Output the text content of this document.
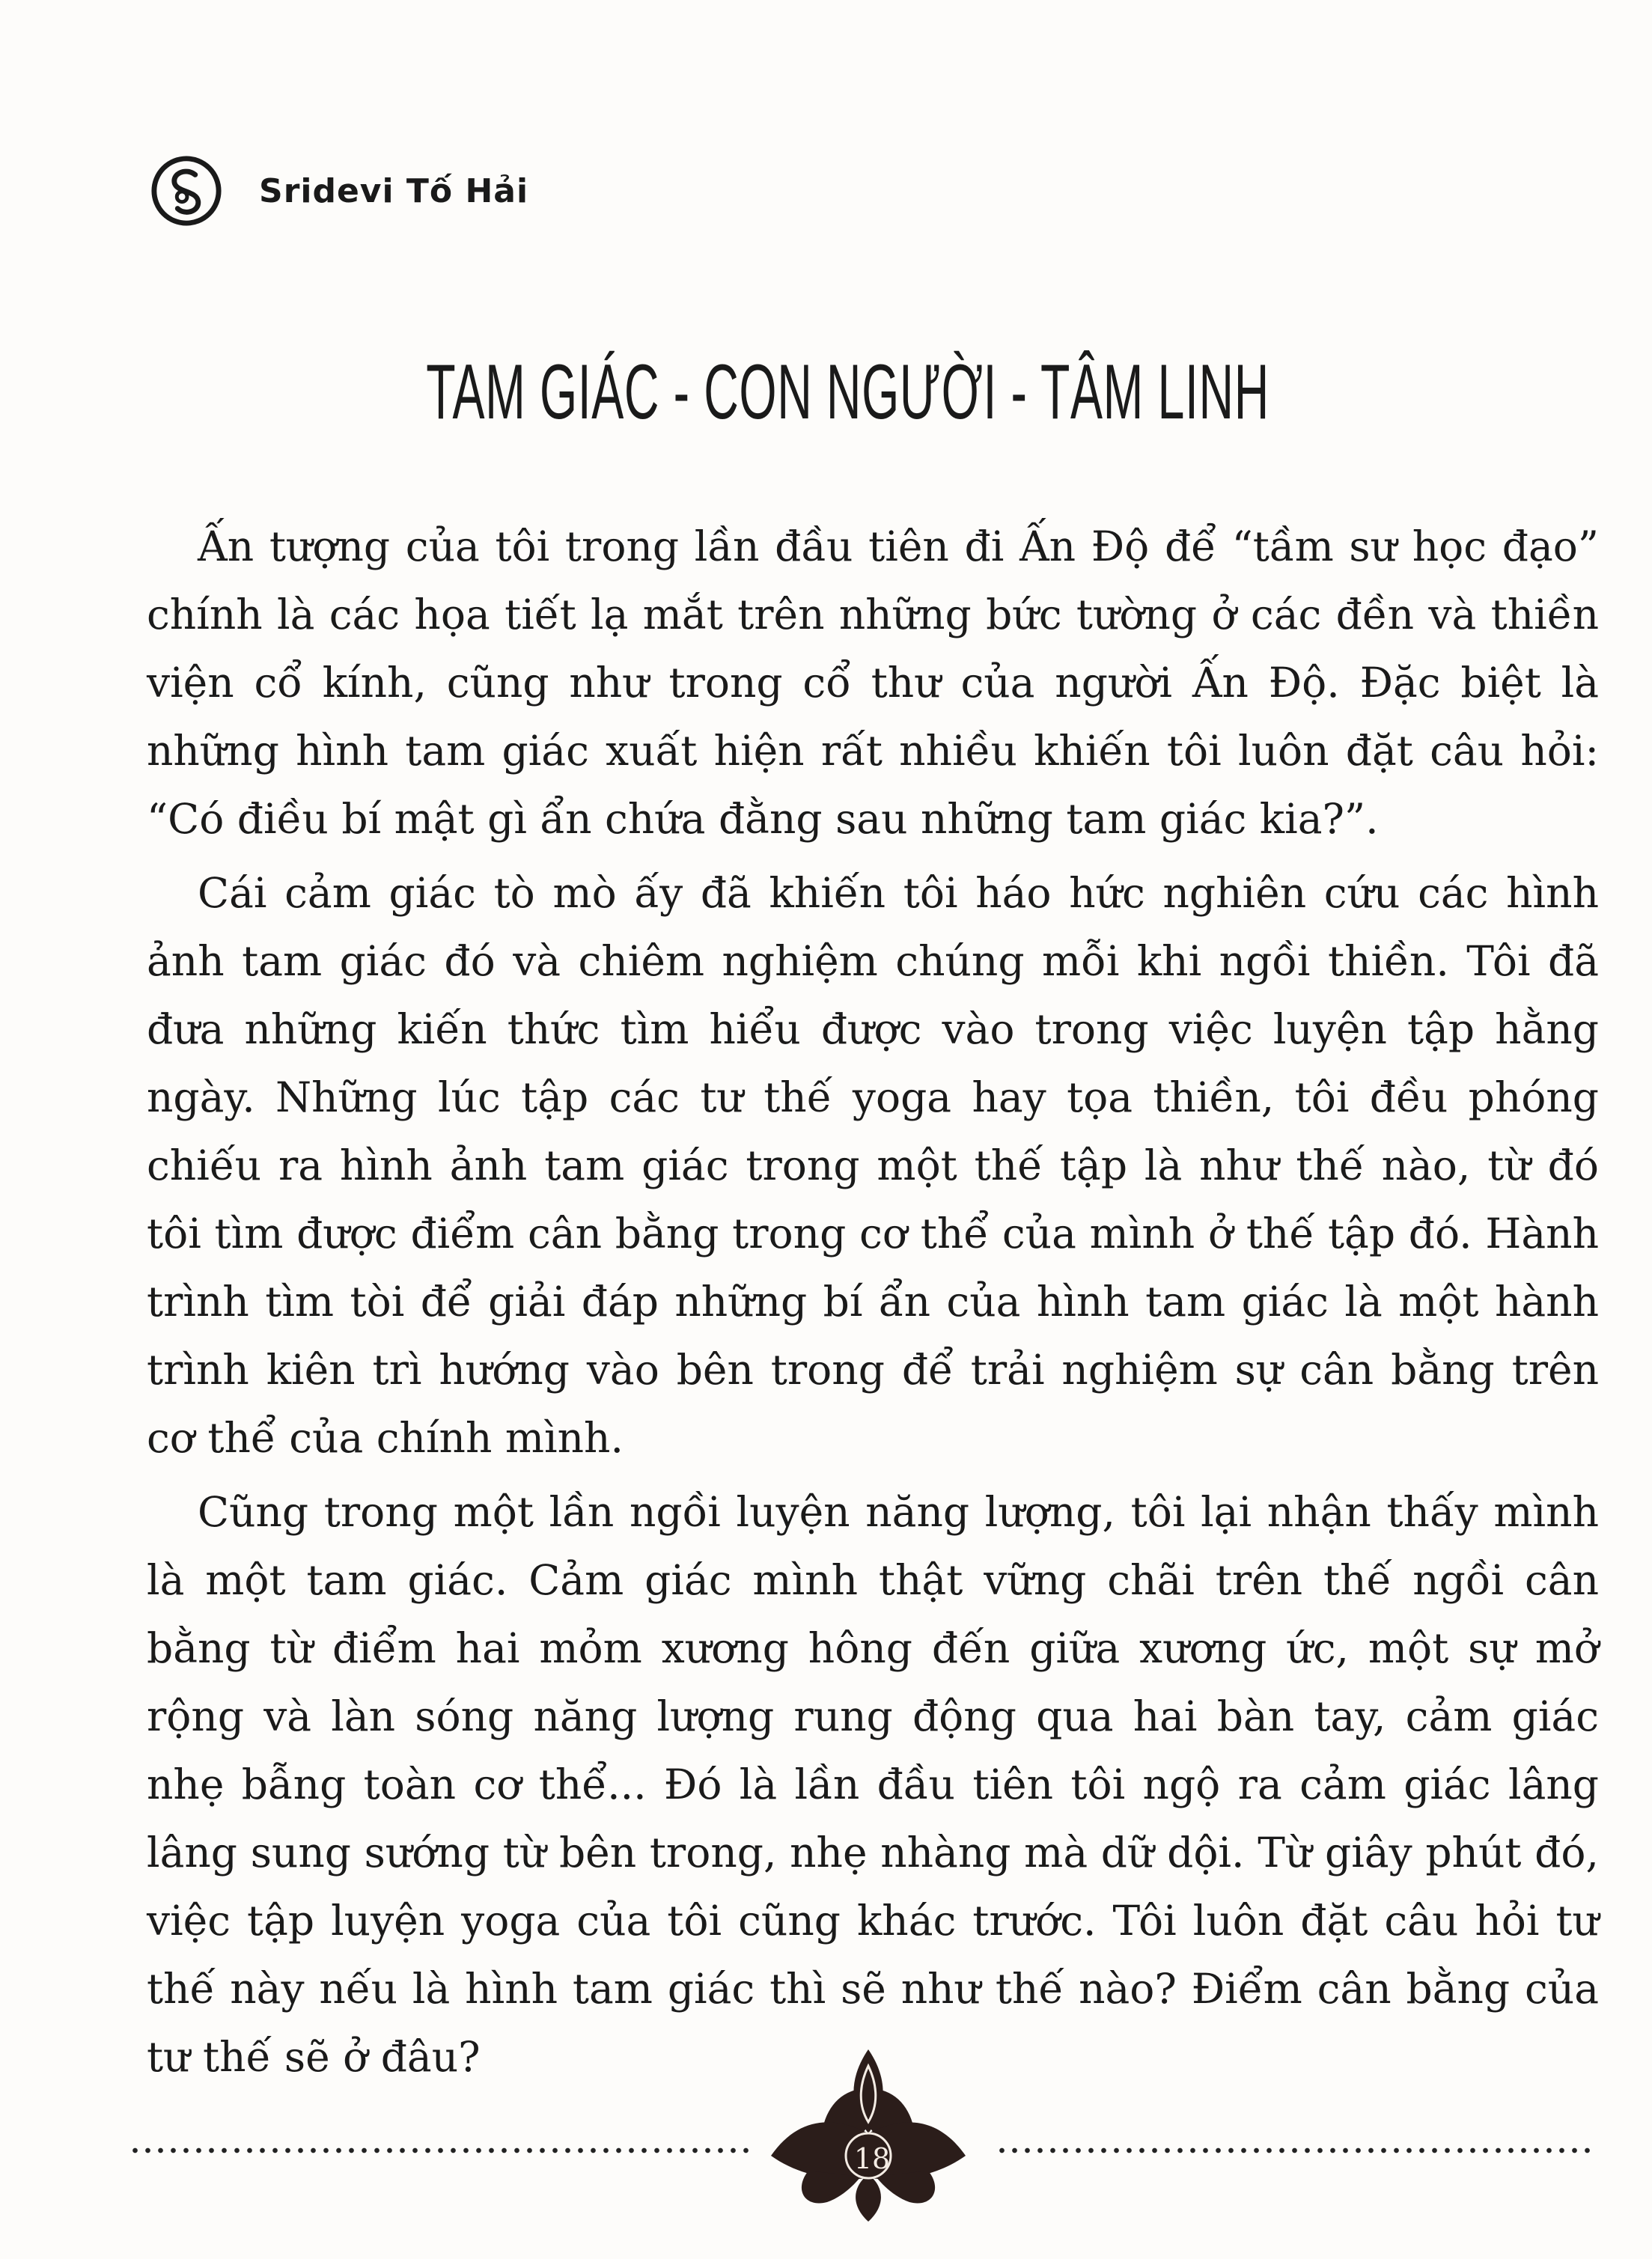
Sridevi Tố Hải
TAM GIÁC - CON NGƯỜI - TÂM LINH

Ấn tượng của tôi trong lần đầu tiên đi Ấn Độ để “tầm sư học đạo” chính là các họa tiết lạ mắt trên những bức tường ở các đền và thiền viện cổ kính, cũng như trong cổ thư của người Ấn Độ. Đặc biệt là những hình tam giác xuất hiện rất nhiều khiến tôi luôn đặt câu hỏi: “Có điều bí mật gì ẩn chứa đằng sau những tam giác kia?”.

Cái cảm giác tò mò ấy đã khiến tôi háo hức nghiên cứu các hình ảnh tam giác đó và chiêm nghiệm chúng mỗi khi ngồi thiền. Tôi đã đưa những kiến thức tìm hiểu được vào trong việc luyện tập hằng ngày. Những lúc tập các tư thế yoga hay tọa thiền, tôi đều phóng chiếu ra hình ảnh tam giác trong một thế tập là như thế nào, từ đó tôi tìm được điểm cân bằng trong cơ thể của mình ở thế tập đó. Hành trình tìm tòi để giải đáp những bí ẩn của hình tam giác là một hành trình kiên trì hướng vào bên trong để trải nghiệm sự cân bằng trên cơ thể của chính mình.

Cũng trong một lần ngồi luyện năng lượng, tôi lại nhận thấy mình là một tam giác. Cảm giác mình thật vững chãi trên thế ngồi cân bằng từ điểm hai mỏm xương hông đến giữa xương ức, một sự mở rộng và làn sóng năng lượng rung động qua hai bàn tay, cảm giác nhẹ bẫng toàn cơ thể... Đó là lần đầu tiên tôi ngộ ra cảm giác lâng lâng sung sướng từ bên trong, nhẹ nhàng mà dữ dội. Từ giây phút đó, việc tập luyện yoga của tôi cũng khác trước. Tôi luôn đặt câu hỏi tư thế này nếu là hình tam giác thì sẽ như thế nào? Điểm cân bằng của tư thế sẽ ở đâu?

18
